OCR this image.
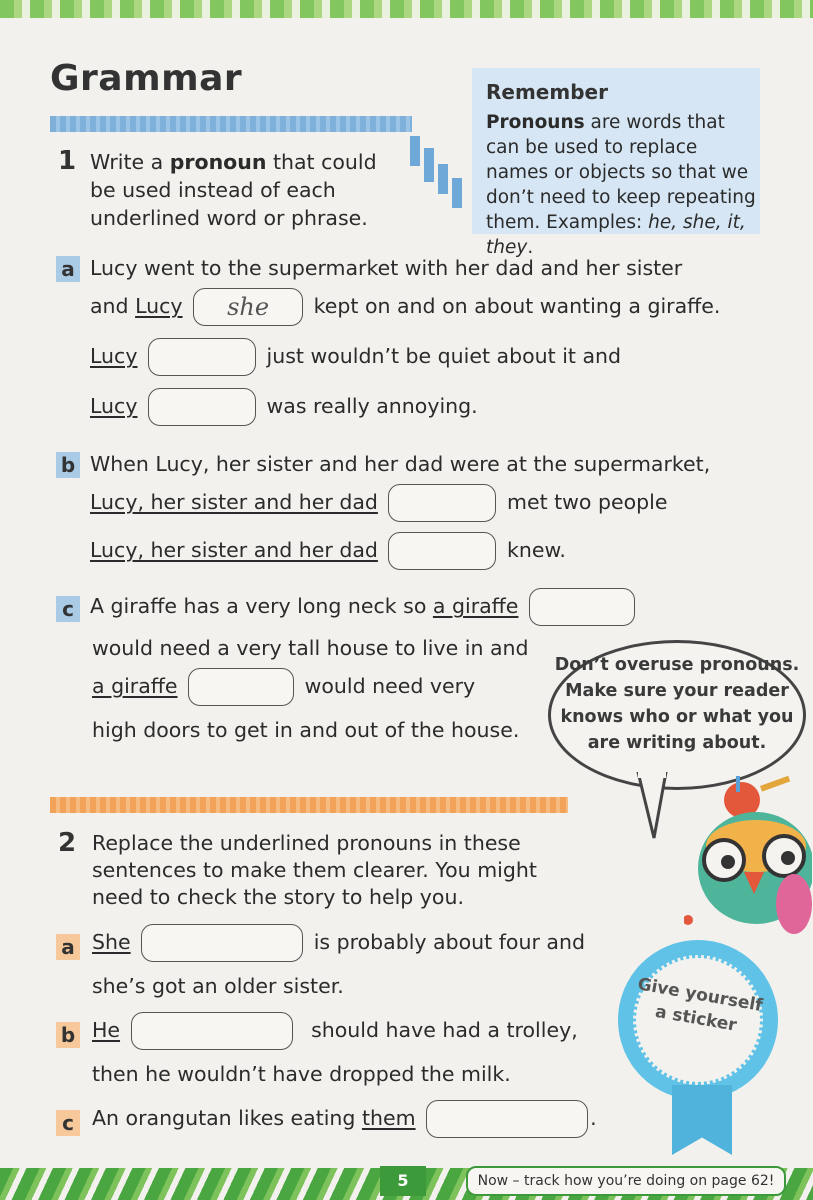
Grammar	Remember
Pronouns are words that can be used to replace names or objects so that we don’t need to keep repeating them. Examples: he, she, it, they.
1 Write a pronoun that could be used instead of each underlined word or phrase.
a Lucy went to the supermarket with her dad and her sister
and Lucy	she	kept on and on about wanting a giraffe.
Lucy	just wouldn’t be quiet about it and
Lucy	was really annoying.
b When Lucy, her sister and her dad were at the supermarket,
Lucy, her sister and her dad	met two people
Lucy, her sister and her dad	knew.
c A giraffe has a very long neck so a giraffe
would need a very tall house to live in and
a giraffe	would need very
high doors to get in and out of the house.
Don’t overuse pronouns. Make sure your reader knows who or what you are writing about.
2 Replace the underlined pronouns in these sentences to make them clearer. You might need to check the story to help you.
a She	is probably about four and
she’s got an older sister.
b He	should have had a trolley,
then he wouldn’t have dropped the milk.
c An orangutan likes eating them	.
Give yourself a sticker
5	Now – track how you’re doing on page 62!
